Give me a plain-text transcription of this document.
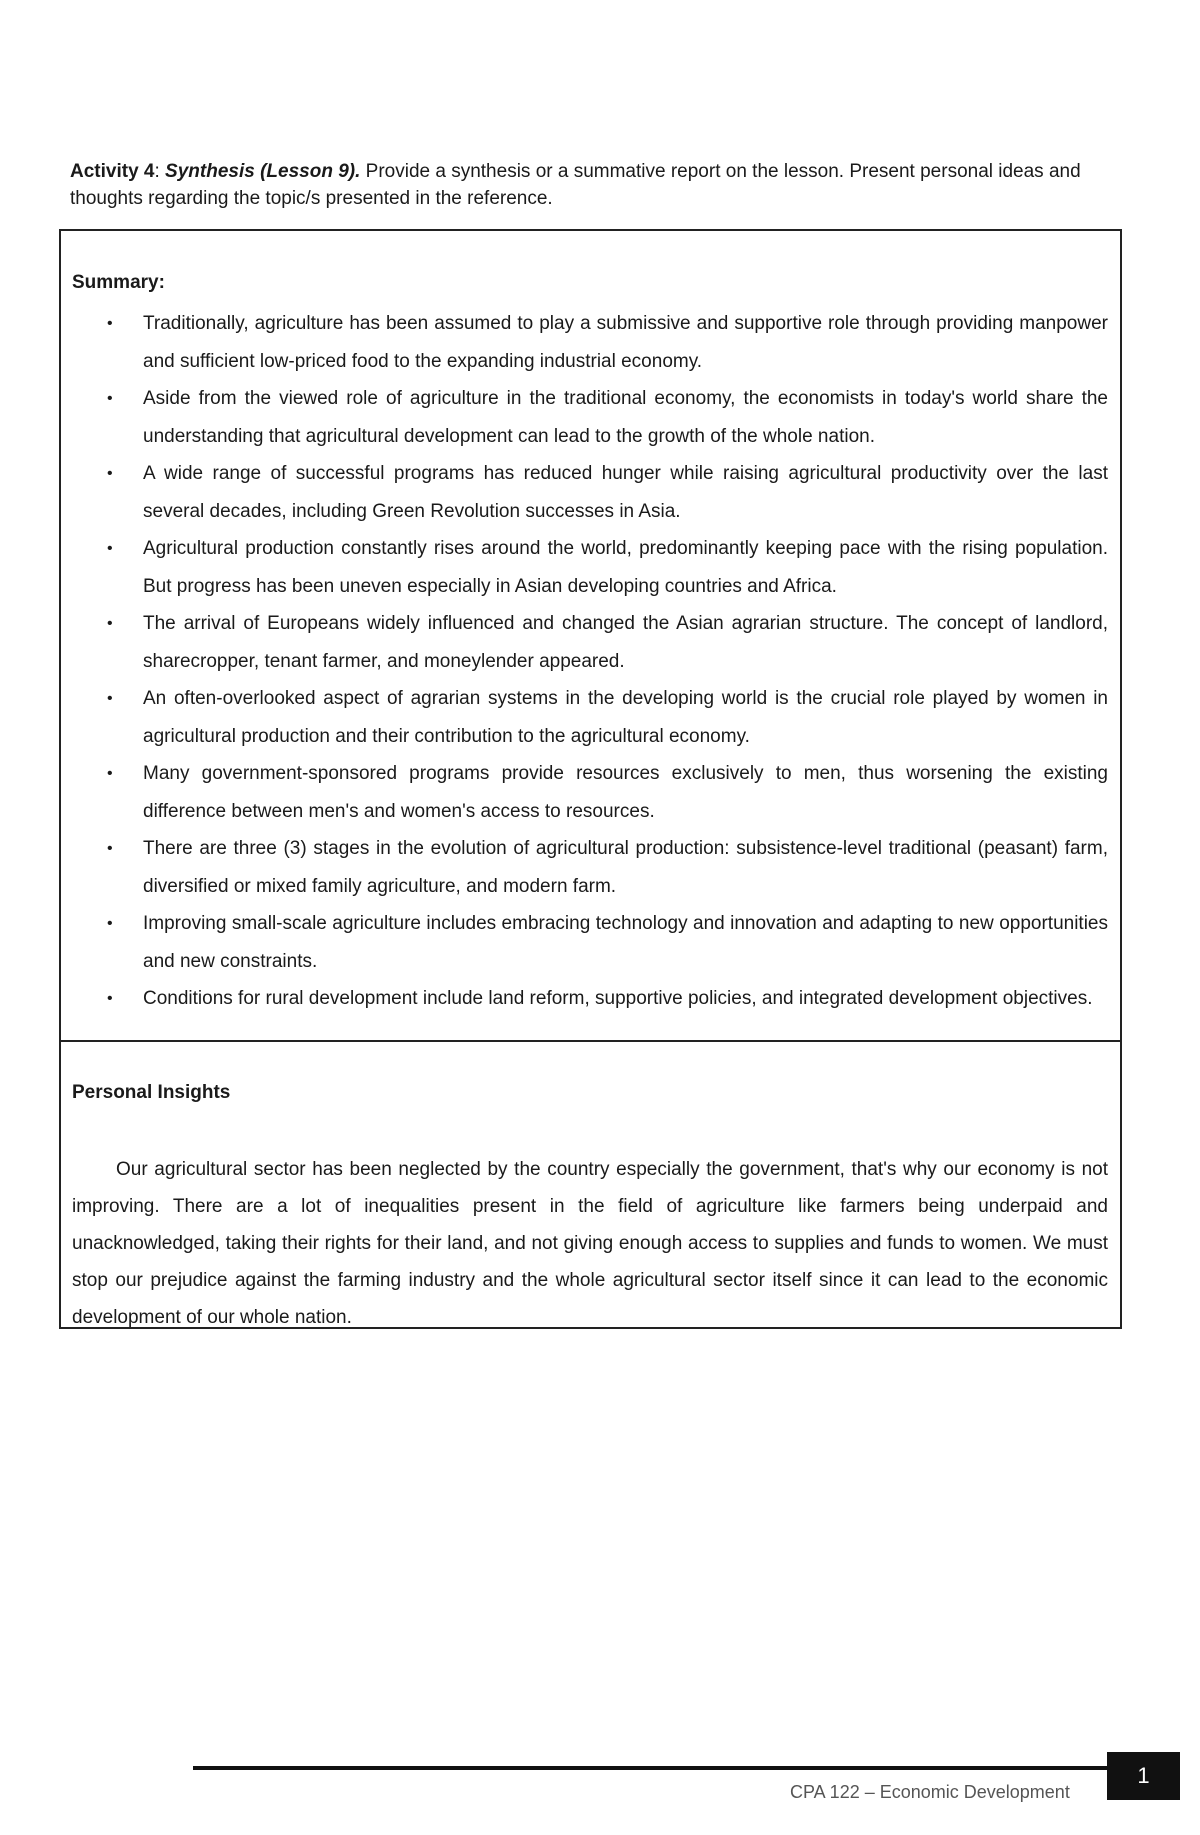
Activity 4: Synthesis (Lesson 9). Provide a synthesis or a summative report on the lesson. Present personal ideas and thoughts regarding the topic/s presented in the reference.
Summary:
• Traditionally, agriculture has been assumed to play a submissive and supportive role through providing manpower and sufficient low-priced food to the expanding industrial economy.
• Aside from the viewed role of agriculture in the traditional economy, the economists in today's world share the understanding that agricultural development can lead to the growth of the whole nation.
• A wide range of successful programs has reduced hunger while raising agricultural productivity over the last several decades, including Green Revolution successes in Asia.
• Agricultural production constantly rises around the world, predominantly keeping pace with the rising population. But progress has been uneven especially in Asian developing countries and Africa.
• The arrival of Europeans widely influenced and changed the Asian agrarian structure. The concept of landlord, sharecropper, tenant farmer, and moneylender appeared.
• An often-overlooked aspect of agrarian systems in the developing world is the crucial role played by women in agricultural production and their contribution to the agricultural economy.
• Many government-sponsored programs provide resources exclusively to men, thus worsening the existing difference between men's and women's access to resources.
• There are three (3) stages in the evolution of agricultural production: subsistence-level traditional (peasant) farm, diversified or mixed family agriculture, and modern farm.
• Improving small-scale agriculture includes embracing technology and innovation and adapting to new opportunities and new constraints.
• Conditions for rural development include land reform, supportive policies, and integrated development objectives.
Personal Insights

Our agricultural sector has been neglected by the country especially the government, that's why our economy is not improving. There are a lot of inequalities present in the field of agriculture like farmers being underpaid and unacknowledged, taking their rights for their land, and not giving enough access to supplies and funds to women. We must stop our prejudice against the farming industry and the whole agricultural sector itself since it can lead to the economic development of our whole nation.

CPA 122 – Economic Development
1
